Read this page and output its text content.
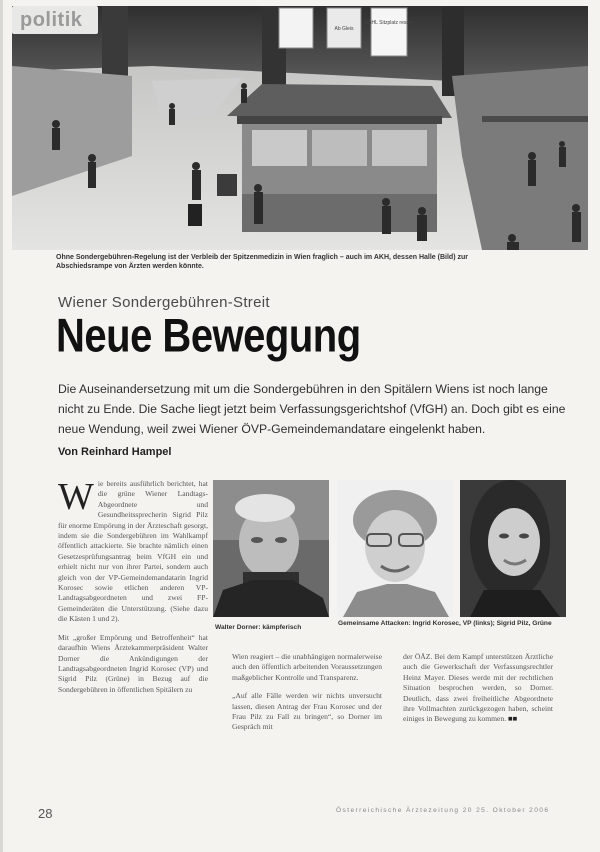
Ab Gleis
WAHL Sitzplatz reserv.
politik
Ohne Sondergebühren-Regelung ist der Verbleib der Spitzenmedizin in Wien fraglich – auch im AKH, dessen Halle (Bild) zur Abschiedsrampe von Ärzten werden könnte.
Wiener Sondergebühren-Streit
Neue Bewegung
Die Auseinandersetzung mit um die Sondergebühren in den Spitälern Wiens ist noch lange nicht zu Ende. Die Sache liegt jetzt beim Verfassungsgerichtshof (VfGH) an. Doch gibt es eine neue Wendung, weil zwei Wiener ÖVP-Gemeindemandatare eingelenkt haben.
Von Reinhard Hampel

Wie bereits ausführlich berichtet, hat die grüne Wiener Landtags-Abgeordnete und Gesundheitssprecherin Sigrid Pilz für enorme Empörung in der Ärzteschaft gesorgt, indem sie die Sondergebühren im Wahlkampf öffentlich attackierte. Sie brachte nämlich einen Gesetzesprüfungsantrag beim VfGH ein und erhielt nicht nur von ihrer Partei, sondern auch gleich von der VP-Gemeindemandatarin Ingrid Korosec sowie etlichen anderen VP-Landtagsabgeordneten und zwei FP-Gemeinderäten die Unterstützung. (Siehe dazu die Kästen 1 und 2).

Mit „großer Empörung und Betroffenheit“ hat daraufhin Wiens Ärztekammerpräsident Walter Dorner die Ankündigungen der Landtagsabgeordneten Ingrid Korosec (VP) und Sigrid Pilz (Grüne) in Bezug auf die Sondergebühren in öffentlichen Spitälern zu

Walter Dorner: kämpferisch
Gemeinsame Attacken: Ingrid Korosec, VP (links); Sigrid Pilz, Grüne

Wien reagiert – die unabhängigen normalerweise auch den öffentlich arbeitenden Voraussetzungen maßgeblicher Kontrolle und Transparenz.

„Auf alle Fälle werden wir nichts unversucht lassen, diesen Antrag der Frau Korosec und der Frau Pilz zu Fall zu bringen“, so Dorner im Gespräch mit

der ÖÄZ. Bei dem Kampf unterstützen Ärztliche auch die Gewerkschaft der Verfassungsrechtler Heinz Mayer. Dieses werde mit der rechtlichen Situation besprochen werden, so Dorner. Deutlich, dass zwei freiheitliche Abgeordnete ihre Vollmachten zurückgezogen haben, scheint einiges in Bewegung zu kommen. ■■

28	Österreichische Ärztezeitung 20 25. Oktober 2006
